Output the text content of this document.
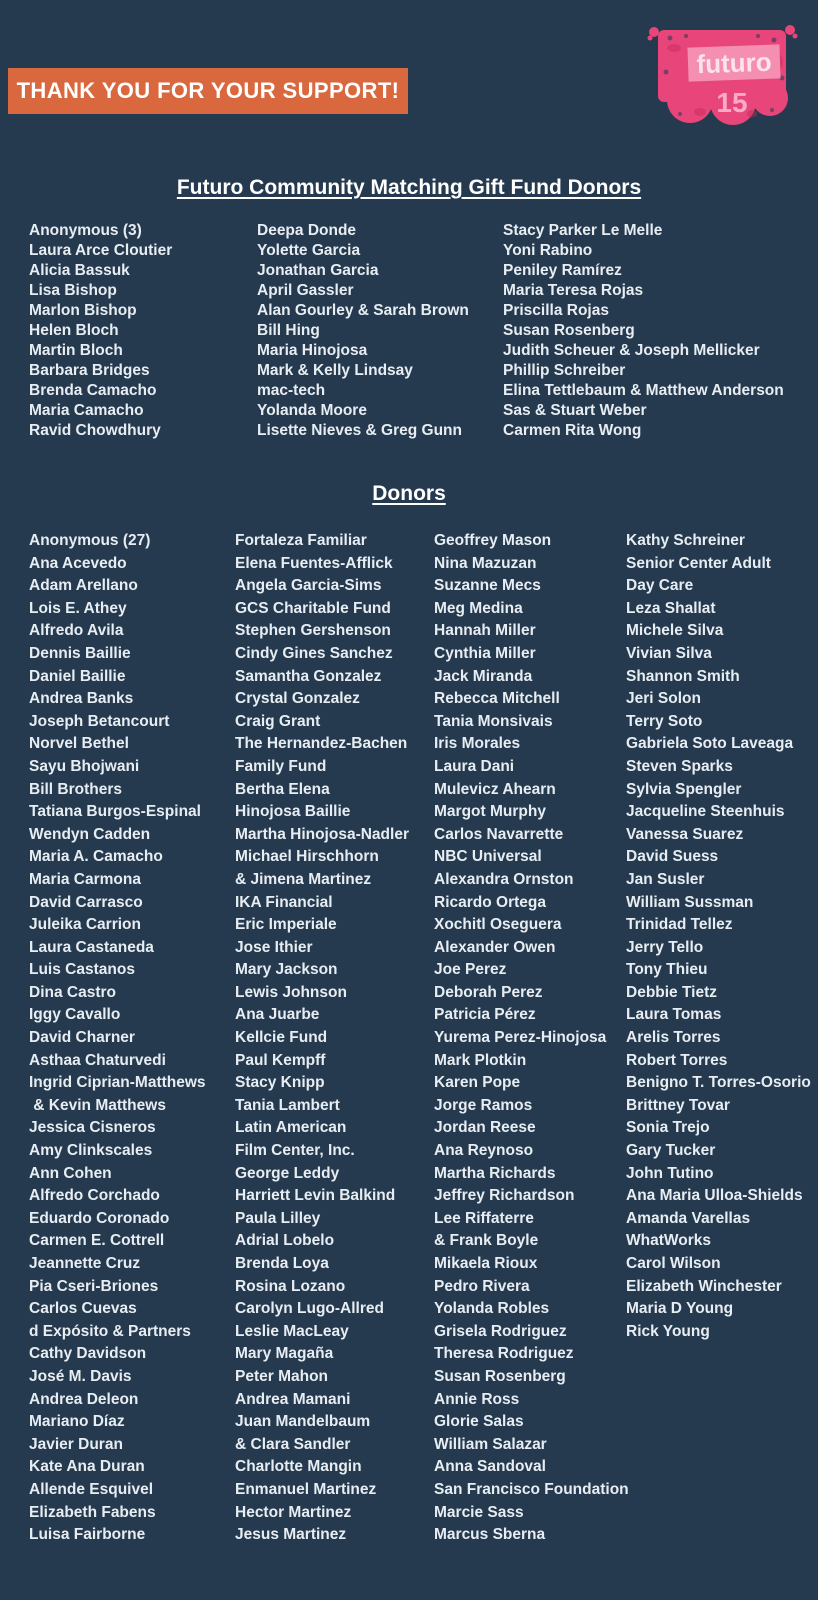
THANK YOU FOR YOUR SUPPORT!
futuro
15
Futuro Community Matching Gift Fund Donors
Anonymous (3)
Laura Arce Cloutier
Alicia Bassuk
Lisa Bishop
Marlon Bishop
Helen Bloch
Martin Bloch
Barbara Bridges
Brenda Camacho
Maria Camacho
Ravid Chowdhury
Deepa Donde
Yolette Garcia
Jonathan Garcia
April Gassler
Alan Gourley & Sarah Brown
Bill Hing
Maria Hinojosa
Mark & Kelly Lindsay
mac-tech
Yolanda Moore
Lisette Nieves & Greg Gunn
Stacy Parker Le Melle
Yoni Rabino
Peniley Ramírez
Maria Teresa Rojas
Priscilla Rojas
Susan Rosenberg
Judith Scheuer & Joseph Mellicker
Phillip Schreiber
Elina Tettlebaum & Matthew Anderson
Sas & Stuart Weber
Carmen Rita Wong
Donors
Anonymous (27)
Ana Acevedo
Adam Arellano
Lois E. Athey
Alfredo Avila
Dennis Baillie
Daniel Baillie
Andrea Banks
Joseph Betancourt
Norvel Bethel
Sayu Bhojwani
Bill Brothers
Tatiana Burgos-Espinal
Wendyn Cadden
Maria A. Camacho
Maria Carmona
David Carrasco
Juleika Carrion
Laura Castaneda
Luis Castanos
Dina Castro
Iggy Cavallo
David Charner
Asthaa Chaturvedi
Ingrid Ciprian-Matthews
& Kevin Matthews
Jessica Cisneros
Amy Clinkscales
Ann Cohen
Alfredo Corchado
Eduardo Coronado
Carmen E. Cottrell
Jeannette Cruz
Pia Cseri-Briones
Carlos Cuevas
d Expósito & Partners
Cathy Davidson
José M. Davis
Andrea Deleon
Mariano Díaz
Javier Duran
Kate Ana Duran
Allende Esquivel
Elizabeth Fabens
Luisa Fairborne
Fortaleza Familiar
Elena Fuentes-Afflick
Angela Garcia-Sims
GCS Charitable Fund
Stephen Gershenson
Cindy Gines Sanchez
Samantha Gonzalez
Crystal Gonzalez
Craig Grant
The Hernandez-Bachen
Family Fund
Bertha Elena
Hinojosa Baillie
Martha Hinojosa-Nadler
Michael Hirschhorn
& Jimena Martinez
IKA Financial
Eric Imperiale
Jose Ithier
Mary Jackson
Lewis Johnson
Ana Juarbe
Kellcie Fund
Paul Kempff
Stacy Knipp
Tania Lambert
Latin American
Film Center, Inc.
George Leddy
Harriett Levin Balkind
Paula Lilley
Adrial Lobelo
Brenda Loya
Rosina Lozano
Carolyn Lugo-Allred
Leslie MacLeay
Mary Magaña
Peter Mahon
Andrea Mamani
Juan Mandelbaum
& Clara Sandler
Charlotte Mangin
Enmanuel Martinez
Hector Martinez
Jesus Martinez
Geoffrey Mason
Nina Mazuzan
Suzanne Mecs
Meg Medina
Hannah Miller
Cynthia Miller
Jack Miranda
Rebecca Mitchell
Tania Monsivais
Iris Morales
Laura Dani
Mulevicz Ahearn
Margot Murphy
Carlos Navarrette
NBC Universal
Alexandra Ornston
Ricardo Ortega
Xochitl Oseguera
Alexander Owen
Joe Perez
Deborah Perez
Patricia Pérez
Yurema Perez-Hinojosa
Mark Plotkin
Karen Pope
Jorge Ramos
Jordan Reese
Ana Reynoso
Martha Richards
Jeffrey Richardson
Lee Riffaterre
& Frank Boyle
Mikaela Rioux
Pedro Rivera
Yolanda Robles
Grisela Rodriguez
Theresa Rodriguez
Susan Rosenberg
Annie Ross
Glorie Salas
William Salazar
Anna Sandoval
San Francisco Foundation
Marcie Sass
Marcus Sberna
Kathy Schreiner
Senior Center Adult
Day Care
Leza Shallat
Michele Silva
Vivian Silva
Shannon Smith
Jeri Solon
Terry Soto
Gabriela Soto Laveaga
Steven Sparks
Sylvia Spengler
Jacqueline Steenhuis
Vanessa Suarez
David Suess
Jan Susler
William Sussman
Trinidad Tellez
Jerry Tello
Tony Thieu
Debbie Tietz
Laura Tomas
Arelis Torres
Robert Torres
Benigno T. Torres-Osorio
Brittney Tovar
Sonia Trejo
Gary Tucker
John Tutino
Ana Maria Ulloa-Shields
Amanda Varellas
WhatWorks
Carol Wilson
Elizabeth Winchester
Maria D Young
Rick Young
